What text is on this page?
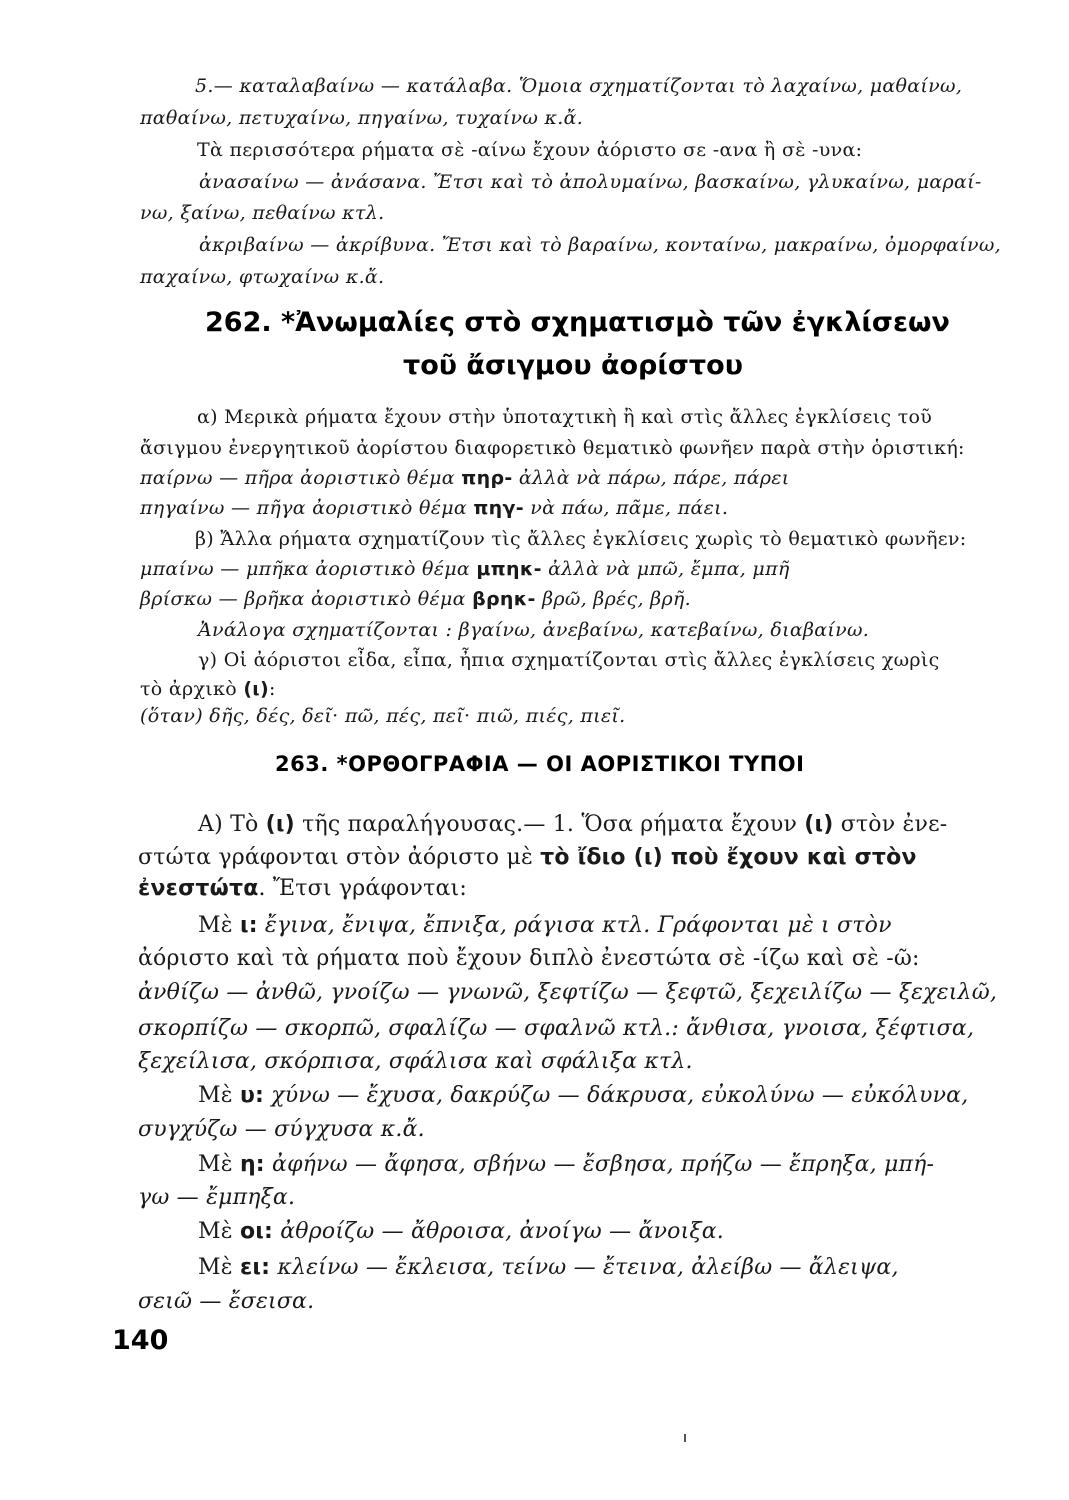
5.— καταλαβαίνω — κατάλαβα. Ὅμοια σχηματίζονται τὸ λαχαίνω, μαθαίνω,
παθαίνω, πετυχαίνω, πηγαίνω, τυχαίνω κ.ἄ.
Τὰ περισσότερα ρήματα σὲ -αίνω ἔχουν ἀόριστο σε -ανα ἢ σὲ -υνα:
ἀνασαίνω — ἀνάσανα. Ἔτσι καὶ τὸ ἀπολυμαίνω, βασκαίνω, γλυκαίνω, μαραί-
νω, ξαίνω, πεθαίνω κτλ.
ἀκριβαίνω — ἀκρίβυνα. Ἔτσι καὶ τὸ βαραίνω, κονταίνω, μακραίνω, ὀμορφαίνω,
παχαίνω, φτωχαίνω κ.ἄ.
262. *Ἀνωμαλίες στὸ σχηματισμὸ τῶν ἐγκλίσεων
τοῦ ἄσιγμου ἀορίστου
α) Μερικὰ ρήματα ἔχουν στὴν ὑποταχτικὴ ἢ καὶ στὶς ἄλλες ἐγκλίσεις τοῦ
ἄσιγμου ἐνεργητικοῦ ἀορίστου διαφορετικὸ θεματικὸ φωνῆεν παρὰ στὴν ὁριστική:
παίρνω — πῆρα ἀοριστικὸ θέμα πηρ- ἀλλὰ νὰ πάρω, πάρε, πάρει
πηγαίνω — πῆγα ἀοριστικὸ θέμα πηγ- νὰ πάω, πᾶμε, πάει.
β) Ἄλλα ρήματα σχηματίζουν τὶς ἄλλες ἐγκλίσεις χωρὶς τὸ θεματικὸ φωνῆεν:
μπαίνω — μπῆκα ἀοριστικὸ θέμα μπηκ- ἀλλὰ νὰ μπῶ, ἔμπα, μπῆ
βρίσκω — βρῆκα ἀοριστικὸ θέμα βρηκ- βρῶ, βρές, βρῆ.
Ἀνάλογα σχηματίζονται : βγαίνω, ἀνεβαίνω, κατεβαίνω, διαβαίνω.
γ) Οἱ ἀόριστοι εἶδα, εἶπα, ἦπια σχηματίζονται στὶς ἄλλες ἐγκλίσεις χωρὶς
τὸ ἀρχικὸ (ι):
(ὅταν) δῆς, δές, δεῖ· πῶ, πές, πεῖ· πιῶ, πιές, πιεῖ.
263. *ΟΡΘΟΓΡΑΦΙΑ — ΟΙ ΑΟΡΙΣΤΙΚΟΙ ΤΥΠΟΙ
Α) Τὸ (ι) τῆς παραλήγουσας.— 1. Ὅσα ρήματα ἔχουν (ι) στὸν ἐνε-
στώτα γράφονται στὸν ἀόριστο μὲ τὸ ἴδιο (ι) ποὺ ἔχουν καὶ στὸν
ἐνεστώτα. Ἔτσι γράφονται:
Μὲ ι: ἔγινα, ἔνιψα, ἔπνιξα, ράγισα κτλ. Γράφονται μὲ ι στὸν
ἀόριστο καὶ τὰ ρήματα ποὺ ἔχουν διπλὸ ἐνεστώτα σὲ -ίζω καὶ σὲ -ῶ:
ἀνθίζω — ἀνθῶ, γνοίζω — γνωνῶ, ξεφτίζω — ξεφτῶ, ξεχειλίζω — ξεχειλῶ,
σκορπίζω — σκορπῶ, σφαλίζω — σφαλνῶ κτλ.: ἄνθισα, γνοισα, ξέφτισα,
ξεχείλισα, σκόρπισα, σφάλισα καὶ σφάλιξα κτλ.
Μὲ υ: χύνω — ἔχυσα, δακρύζω — δάκρυσα, εὐκολύνω — εὐκόλυνα,
συγχύζω — σύγχυσα κ.ἄ.
Μὲ η: ἀφήνω — ἄφησα, σβήνω — ἔσβησα, πρήζω — ἔπρηξα, μπή-
γω — ἔμπηξα.
Μὲ οι: ἀθροίζω — ἄθροισα, ἀνοίγω — ἄνοιξα.
Μὲ ει: κλείνω — ἔκλεισα, τείνω — ἔτεινα, ἀλείβω — ἄλειψα,
σειῶ — ἔσεισα.
140
